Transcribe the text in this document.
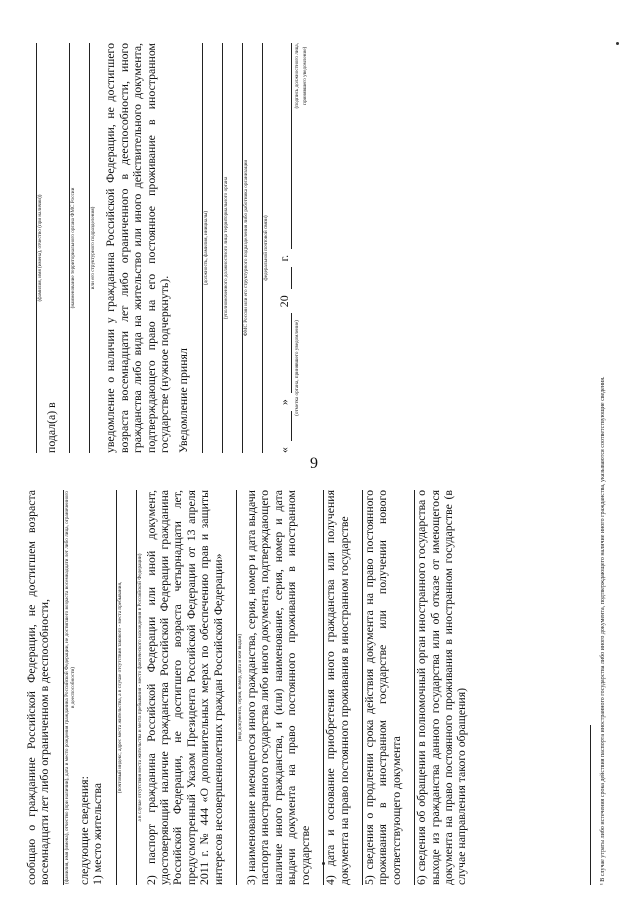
9

сообщаю о гражданине Российской Федерации, не достигшем возраста восемнадцати лет либо ограниченном в дееспособности, (фамилия, имя (имена), отчество (при наличии), дата и место рождения гражданина Российской Федерации, не достигшего возраста восемнадцати лет либо лица, ограниченного в дееспособности)

следующие сведения: 1) место жительства

(почтовый индекс, адрес места жительства, а в случае отсутствия такового - места пребывания,	а в случае отсутствия места жительства и места пребывания - место фактического нахождения в Российской Федерации) 2) паспорт гражданина Российской Федерации или иной документ, удостоверяющий наличие гражданства Российской Федерации гражданина Российской Федерации, не достигшего возраста четырнадцати лет, предусмотренный Указом Президента Российской Федерации от 13 апреля 2011 г. № 444 «О дополнительных мерах по обеспечению прав и защиты интересов несовершеннолетних граждан Российской Федерации» (вид документа, серия, номер, дата и кем выдан) 3) наименование имеющегося иного гражданства, серия, номер и дата выдачи паспорта иностранного государства либо иного документа, подтверждающего наличие иного гражданства, и (или) наименование, серия, номер и дата выдачи документа на право постоянного проживания в иностранном государстве 4) дата и основание приобретения иного гражданства или получения документа на право постоянного проживания в иностранном государстве 5) сведения о продлении срока действия документа на право постоянного проживания в иностранном государстве или получении нового соответствующего документа 6) сведения об обращении в полномочный орган иностранного государства о выходе из гражданства данного государства или об отказе от имеющегося документа на право постоянного проживания в иностранном государстве (в случае направления такого обращения)

(фамилия, имя (имена), отчество (при наличии))

подал(а) в

(наименование территориального органа ФМС России	или его структурного подразделения) уведомление о наличии у гражданина Российской Федерации, не достигшего возраста восемнадцати лет либо ограниченного в дееспособности, иного гражданства либо вида на жительство или иного действительного документа, подтверждающего право на его постоянное проживание в иностранном государстве (нужное подчеркнуть). Уведомление принял

(должность, фамилия, инициалы)	(уполномоченного должностного лица территориального органа	ФМС России или его структурного подразделения либо работника организации	федеральной почтовой связи)

«
»
20
г.

(отметка органа, принявшего уведомление)

(подпись должностного лица, принявшего уведомление)

¹ В случае утраты либо истечения срока действия паспорта иностранного государства либо иного документа, подтверждающего наличие иного гражданства, указываются соответствующие сведения.
